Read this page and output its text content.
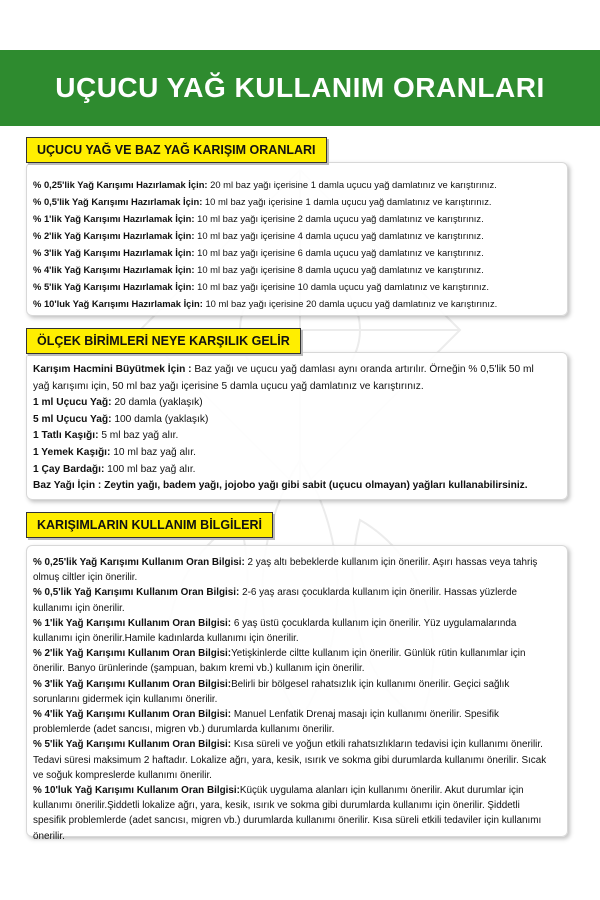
UÇUCU YAĞ KULLANIM ORANLARI
UÇUCU YAĞ VE BAZ YAĞ KARIŞIM ORANLARI
% 0,25'lik Yağ Karışımı Hazırlamak İçin: 20 ml baz yağı içerisine 1 damla uçucu yağ damlatınız ve karıştırınız.
% 0,5'lik Yağ Karışımı Hazırlamak İçin: 10 ml baz yağı içerisine 1 damla uçucu yağ damlatınız ve karıştırınız.
% 1'lik Yağ Karışımı Hazırlamak İçin: 10 ml baz yağı içerisine 2 damla uçucu yağ damlatınız ve karıştırınız.
% 2'lik Yağ Karışımı Hazırlamak İçin: 10 ml baz yağı içerisine 4 damla uçucu yağ damlatınız ve karıştırınız.
% 3'lik Yağ Karışımı Hazırlamak İçin: 10 ml baz yağı içerisine 6 damla uçucu yağ damlatınız ve karıştırınız.
% 4'lik Yağ Karışımı Hazırlamak İçin: 10 ml baz yağı içerisine 8 damla uçucu yağ damlatınız ve karıştırınız.
% 5'lik Yağ Karışımı Hazırlamak İçin: 10 ml baz yağı içerisine 10 damla uçucu yağ damlatınız ve karıştırınız.
% 10'luk Yağ Karışımı Hazırlamak İçin: 10 ml baz yağı içerisine 20 damla uçucu yağ damlatınız ve karıştırınız.
ÖLÇEK BİRİMLERİ NEYE KARŞILIK GELİR

Karışım Hacmini Büyütmek İçin : Baz yağı ve uçucu yağ damlası aynı oranda artırılır. Örneğin % 0,5'lik 50 ml yağ karışımı için, 50 ml baz yağı içerisine 5 damla uçucu yağ damlatınız ve karıştırınız.

1 ml Uçucu Yağ: 20 damla (yaklaşık)

5 ml Uçucu Yağ: 100 damla (yaklaşık)

1 Tatlı Kaşığı: 5 ml baz yağ alır.

1 Yemek Kaşığı: 10 ml baz yağ alır.

1 Çay Bardağı: 100 ml baz yağ alır.

Baz Yağı İçin : Zeytin yağı, badem yağı, jojobo yağı gibi sabit (uçucu olmayan) yağları kullanabilirsiniz.

KARIŞIMLARIN KULLANIM BİLGİLERİ

% 0,25'lik Yağ Karışımı Kullanım Oran Bilgisi: 2 yaş altı bebeklerde kullanım için önerilir. Aşırı hassas veya tahriş olmuş ciltler için önerilir.

% 0,5'lik Yağ Karışımı Kullanım Oran Bilgisi: 2-6 yaş arası çocuklarda kullanım için önerilir. Hassas yüzlerde kullanımı için önerilir.

% 1'lik Yağ Karışımı Kullanım Oran Bilgisi: 6 yaş üstü çocuklarda kullanım için önerilir. Yüz uygulamalarında kullanımı için önerilir.Hamile kadınlarda kullanımı için önerilir.

% 2'lik Yağ Karışımı Kullanım Oran Bilgisi:Yetişkinlerde ciltte kullanım için önerilir. Günlük rütin kullanımlar için önerilir. Banyo ürünlerinde (şampuan, bakım kremi vb.) kullanım için önerilir.

% 3'lik Yağ Karışımı Kullanım Oran Bilgisi:Belirli bir bölgesel rahatsızlık için kullanımı önerilir. Geçici sağlık sorunlarını gidermek için kullanımı önerilir.

% 4'lik Yağ Karışımı Kullanım Oran Bilgisi: Manuel Lenfatik Drenaj masajı için kullanımı önerilir. Spesifik problemlerde (adet sancısı, migren vb.) durumlarda kullanımı önerilir.

% 5'lik Yağ Karışımı Kullanım Oran Bilgisi: Kısa süreli ve yoğun etkili rahatsızlıkların tedavisi için kullanımı önerilir. Tedavi süresi maksimum 2 haftadır. Lokalize ağrı, yara, kesik, ısırık ve sokma gibi durumlarda kullanımı önerilir. Sıcak ve soğuk kompreslerde kullanımı önerilir.

% 10'luk Yağ Karışımı Kullanım Oran Bilgisi:Küçük uygulama alanları için kullanımı önerilir. Akut durumlar için kullanımı önerilir.Şiddetli lokalize ağrı, yara, kesik, ısırık ve sokma gibi durumlarda kullanımı için önerilir. Şiddetli spesifik problemlerde (adet sancısı, migren vb.) durumlarda kullanımı önerilir. Kısa süreli etkili tedaviler için kullanımı önerilir.
